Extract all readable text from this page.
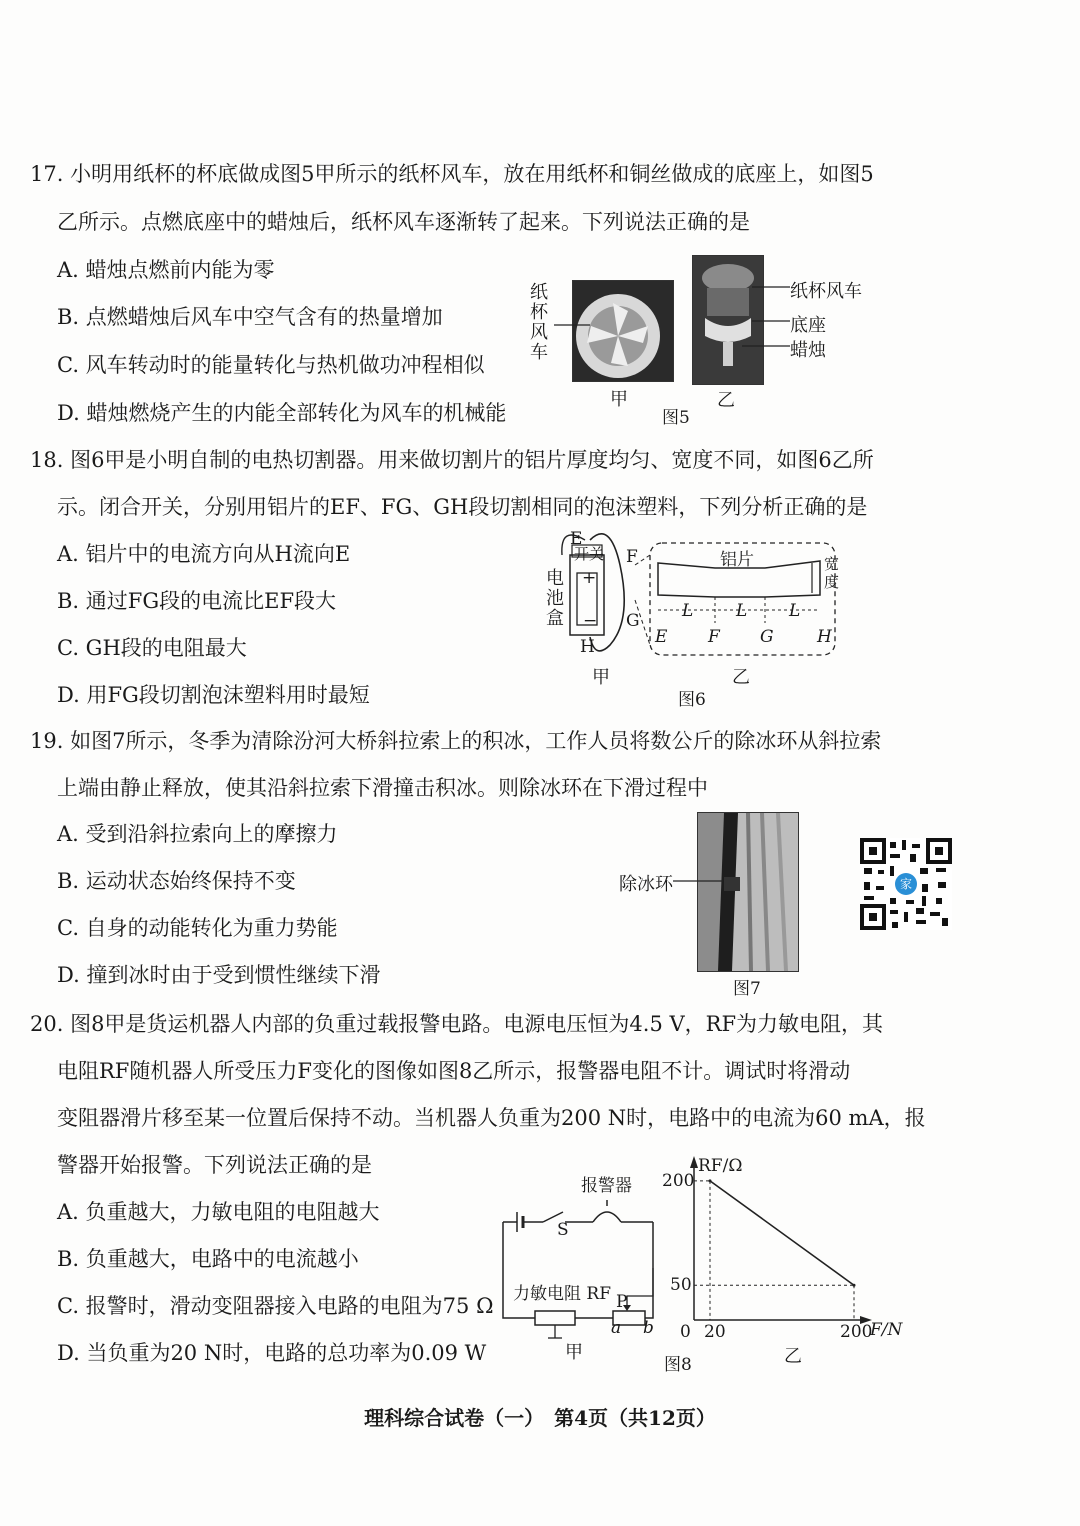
17. 小明用纸杯的杯底做成图5甲所示的纸杯风车，放在用纸杯和铜丝做成的底座上，如图5
乙所示。点燃底座中的蜡烛后，纸杯风车逐渐转了起来。下列说法正确的是
A. 蜡烛点燃前内能为零
B. 点燃蜡烛后风车中空气含有的热量增加
C. 风车转动时的能量转化与热机做功冲程相似
D. 蜡烛燃烧产生的内能全部转化为风车的机械能
纸
杯
风
车
纸杯风车
底座
蜡烛
甲	乙
图5
18. 图6甲是小明自制的电热切割器。用来做切割片的铝片厚度均匀、宽度不同，如图6乙所
示。闭合开关，分别用铝片的EF、FG、GH段切割相同的泡沫塑料，下列分析正确的是
A. 铝片中的电流方向从H流向E
B. 通过FG段的电流比EF段大
C. GH段的电阻最大
D. 用FG段切割泡沫塑料用时最短
E
开关 F
G
H
电
池
盒
+
−
铝片	宽
度
L	L L
E F G	H
甲	乙
图6
19. 如图7所示，冬季为清除汾河大桥斜拉索上的积冰，工作人员将数公斤的除冰环从斜拉索
上端由静止释放，使其沿斜拉索下滑撞击积冰。则除冰环在下滑过程中
A. 受到沿斜拉索向上的摩擦力
B. 运动状态始终保持不变
C. 自身的动能转化为重力势能
D. 撞到冰时由于受到惯性继续下滑
除冰环
图7
家
20. 图8甲是货运机器人内部的负重过载报警电路。电源电压恒为4.5 V，RF为力敏电阻，其
电阻RF随机器人所受压力F变化的图像如图8乙所示，报警器电阻不计。调试时将滑动
变阻器滑片移至某一位置后保持不动。当机器人负重为200 N时，电路中的电流为60 mA，报
警器开始报警。下列说法正确的是
A. 负重越大，力敏电阻的电阻越大
B. 负重越大，电路中的电流越小
C. 报警时，滑动变阻器接入电路的电阻为75 Ω
D. 当负重为20 N时，电路的总功率为0.09 W
报警器
S
力敏电阻 RF P
a b
甲
RF/Ω
F/N
200
50
0 20	200
乙
图8
理科综合试卷（一）　第4页（共12页）
